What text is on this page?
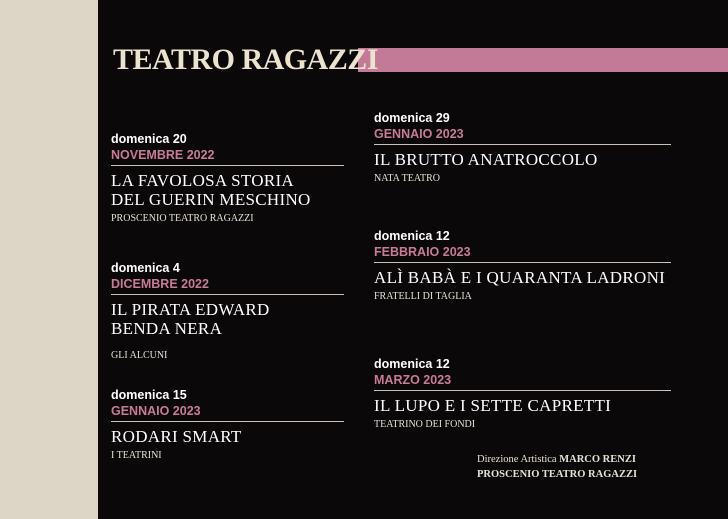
TEATRO RAGAZZI
domenica 20
NOVEMBRE 2022
LA FAVOLOSA STORIA
DEL GUERIN MESCHINO
PROSCENIO TEATRO RAGAZZI
domenica 4
DICEMBRE 2022
IL PIRATA EDWARD
BENDA NERA
GLI ALCUNI
domenica 15
GENNAIO 2023
RODARI SMART
I TEATRINI
domenica 29
GENNAIO 2023
IL BRUTTO ANATROCCOLO
NATA TEATRO
domenica 12
FEBBRAIO 2023
ALÌ BABÀ E I QUARANTA LADRONI
FRATELLI DI TAGLIA
domenica 12
MARZO 2023
IL LUPO E I SETTE CAPRETTI
TEATRINO DEI FONDI
Direzione Artistica MARCO RENZI
PROSCENIO TEATRO RAGAZZI
